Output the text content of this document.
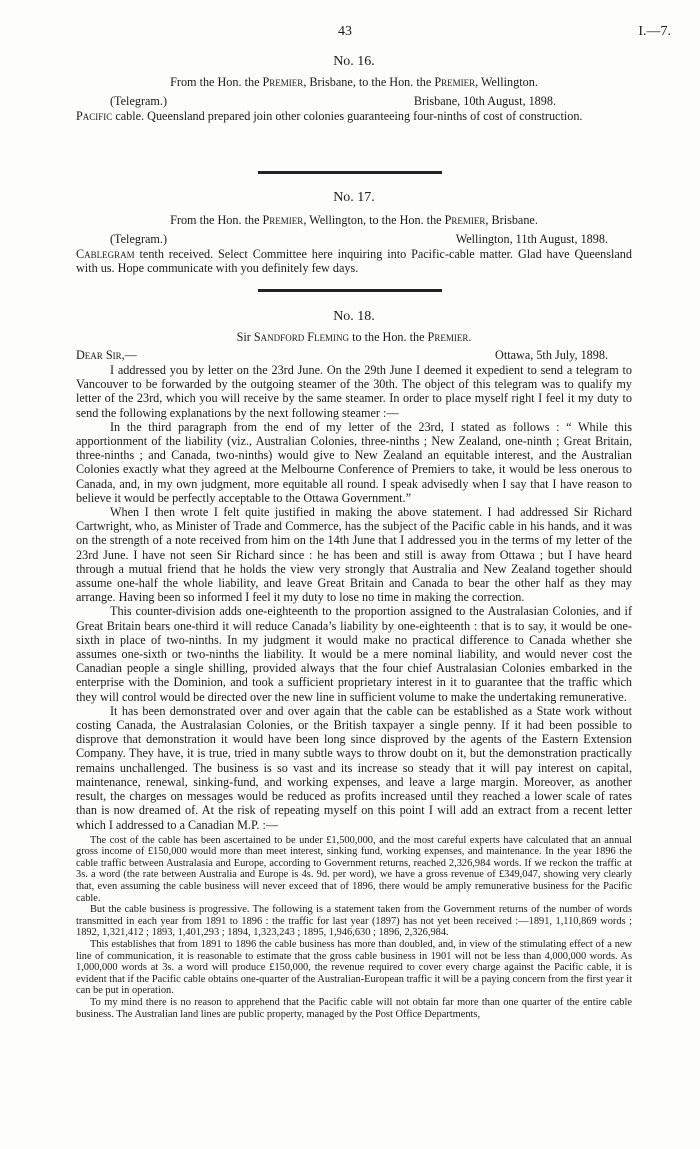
43	I.—7.
No. 16.
From the Hon. the Premier, Brisbane, to the Hon. the Premier, Wellington.
(Telegram.)	Brisbane, 10th August, 1898.
Pacific cable. Queensland prepared join other colonies guaranteeing four-ninths of cost of construction.
No. 17.
From the Hon. the Premier, Wellington, to the Hon. the Premier, Brisbane.
(Telegram.)	Wellington, 11th August, 1898.
Cablegram tenth received. Select Committee here inquiring into Pacific-cable matter. Glad have Queensland with us. Hope communicate with you definitely few days.
No. 18.
Sir Sandford Fleming to the Hon. the Premier.
Dear Sir,—	Ottawa, 5th July, 1898.
I addressed you by letter on the 23rd June. On the 29th June I deemed it expedient to send a telegram to Vancouver to be forwarded by the outgoing steamer of the 30th. The object of this telegram was to qualify my letter of the 23rd, which you will receive by the same steamer. In order to place myself right I feel it my duty to send the following explanations by the next following steamer :—
In the third paragraph from the end of my letter of the 23rd, I stated as follows : “ While this apportionment of the liability (viz., Australian Colonies, three-ninths ; New Zealand, one-ninth ; Great Britain, three-ninths ; and Canada, two-ninths) would give to New Zealand an equitable interest, and the Australian Colonies exactly what they agreed at the Melbourne Conference of Premiers to take, it would be less onerous to Canada, and, in my own judgment, more equitable all round. I speak advisedly when I say that I have reason to believe it would be perfectly acceptable to the Ottawa Government.”
When I then wrote I felt quite justified in making the above statement. I had addressed Sir Richard Cartwright, who, as Minister of Trade and Commerce, has the subject of the Pacific cable in his hands, and it was on the strength of a note received from him on the 14th June that I addressed you in the terms of my letter of the 23rd June. I have not seen Sir Richard since : he has been and still is away from Ottawa ; but I have heard through a mutual friend that he holds the view very strongly that Australia and New Zealand together should assume one-half the whole liability, and leave Great Britain and Canada to bear the other half as they may arrange. Having been so informed I feel it my duty to lose no time in making the correction.
This counter-division adds one-eighteenth to the proportion assigned to the Australasian Colonies, and if Great Britain bears one-third it will reduce Canada’s liability by one-eighteenth : that is to say, it would be one-sixth in place of two-ninths. In my judgment it would make no practical difference to Canada whether she assumes one-sixth or two-ninths the liability. It would be a mere nominal liability, and would never cost the Canadian people a single shilling, provided always that the four chief Australasian Colonies embarked in the enterprise with the Dominion, and took a sufficient proprietary interest in it to guarantee that the traffic which they will control would be directed over the new line in sufficient volume to make the undertaking remunerative.
It has been demonstrated over and over again that the cable can be established as a State work without costing Canada, the Australasian Colonies, or the British taxpayer a single penny. If it had been possible to disprove that demonstration it would have been long since disproved by the agents of the Eastern Extension Company. They have, it is true, tried in many subtle ways to throw doubt on it, but the demonstration practically remains unchallenged. The business is so vast and its increase so steady that it will pay interest on capital, maintenance, renewal, sinking-fund, and working expenses, and leave a large margin. Moreover, as another result, the charges on messages would be reduced as profits increased until they reached a lower scale of rates than is now dreamed of. At the risk of repeating myself on this point I will add an extract from a recent letter which I addressed to a Canadian M.P. :—

The cost of the cable has been ascertained to be under £1,500,000, and the most careful experts have calculated that an annual gross income of £150,000 would more than meet interest, sinking fund, working expenses, and maintenance. In the year 1896 the cable traffic between Australasia and Europe, according to Government returns, reached 2,326,984 words. If we reckon the traffic at 3s. a word (the rate between Australia and Europe is 4s. 9d. per word), we have a gross revenue of £349,047, showing very clearly that, even assuming the cable business will never exceed that of 1896, there would be amply remunerative business for the Pacific cable.

But the cable business is progressive. The following is a statement taken from the Government returns of the number of words transmitted in each year from 1891 to 1896 : the traffic for last year (1897) has not yet been received :—1891, 1,110,869 words ; 1892, 1,321,412 ; 1893, 1,401,293 ; 1894, 1,323,243 ; 1895, 1,946,630 ; 1896, 2,326,984.

This establishes that from 1891 to 1896 the cable business has more than doubled, and, in view of the stimulating effect of a new line of communication, it is reasonable to estimate that the gross cable business in 1901 will not be less than 4,000,000 words. As 1,000,000 words at 3s. a word will produce £150,000, the revenue required to cover every charge against the Pacific cable, it is evident that if the Pacific cable obtains one-quarter of the Australian-European traffic it will be a paying concern from the first year it can be put in operation.

To my mind there is no reason to apprehend that the Pacific cable will not obtain far more than one quarter of the entire cable business. The Australian land lines are public property, managed by the Post Office Departments,
